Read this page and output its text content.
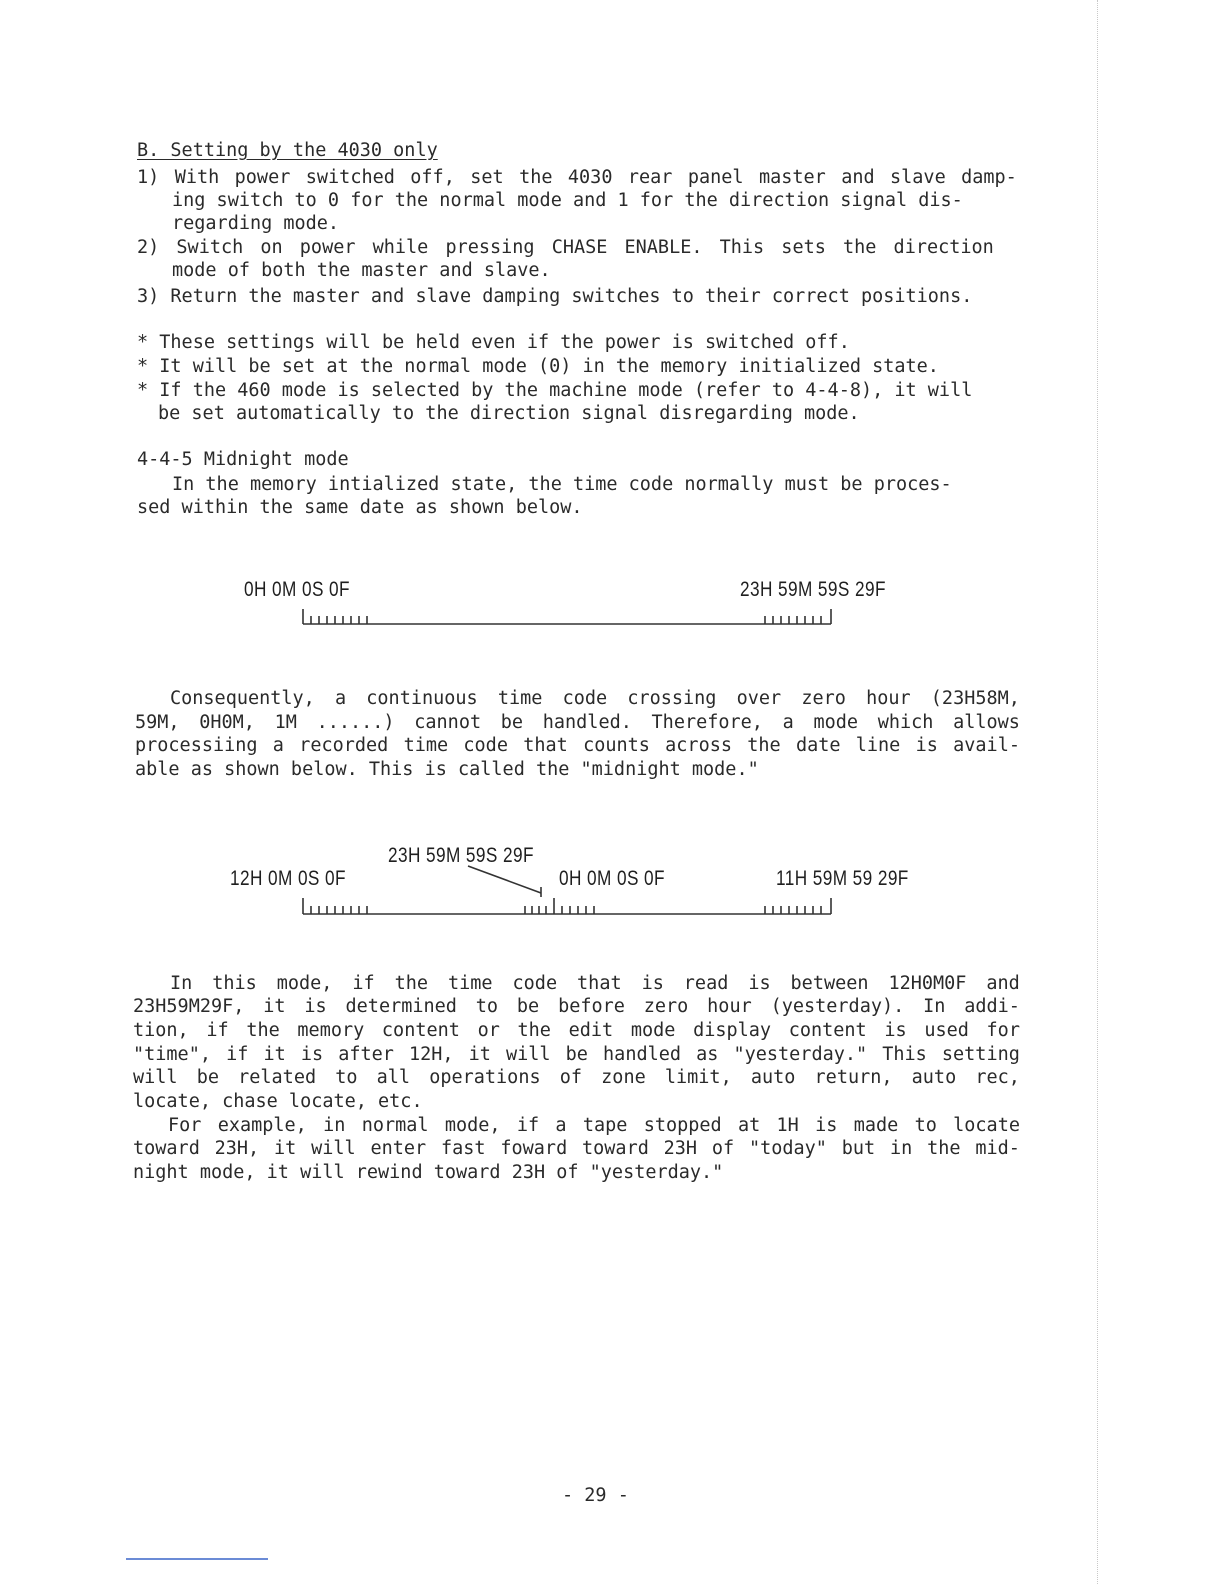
B. Setting by the 4030 only
1) With power switched off, set the 4030 rear panel master and slave damp-
ing switch to 0 for the normal mode and 1 for the direction signal dis-
regarding mode.
2) Switch on power while pressing CHASE ENABLE. This sets the direction
mode of both the master and slave.
3) Return the master and slave damping switches to their correct positions.
* These settings will be held even if the power is switched off.
* It will be set at the normal mode (0) in the memory initialized state.
* If the 460 mode is selected by the machine mode (refer to 4-4-8), it will
be set automatically to the direction signal disregarding mode.
4-4-5 Midnight mode
In the memory intialized state, the time code normally must be proces-
sed within the same date as shown below.
0H 0M 0S 0F	23H 59M 59S 29F
Consequently, a continuous time code crossing over zero hour (23H58M,
59M, 0H0M, 1M ......) cannot be handled. Therefore, a mode which allows
processiing a recorded time code that counts across the date line is avail-
able as shown below. This is called the "midnight mode."
23H 59M 59S 29F
12H 0M 0S 0F	0H 0M 0S 0F	11H 59M 59 29F
In this mode, if the time code that is read is between 12H0M0F and
23H59M29F, it is determined to be before zero hour (yesterday). In addi-
tion, if the memory content or the edit mode display content is used for
"time", if it is after 12H, it will be handled as "yesterday." This setting
will be related to all operations of zone limit, auto return, auto rec,
locate, chase locate, etc.
For example, in normal mode, if a tape stopped at 1H is made to locate
toward 23H, it will enter fast foward toward 23H of "today" but in the mid-
night mode, it will rewind toward 23H of "yesterday."
- 29 -
